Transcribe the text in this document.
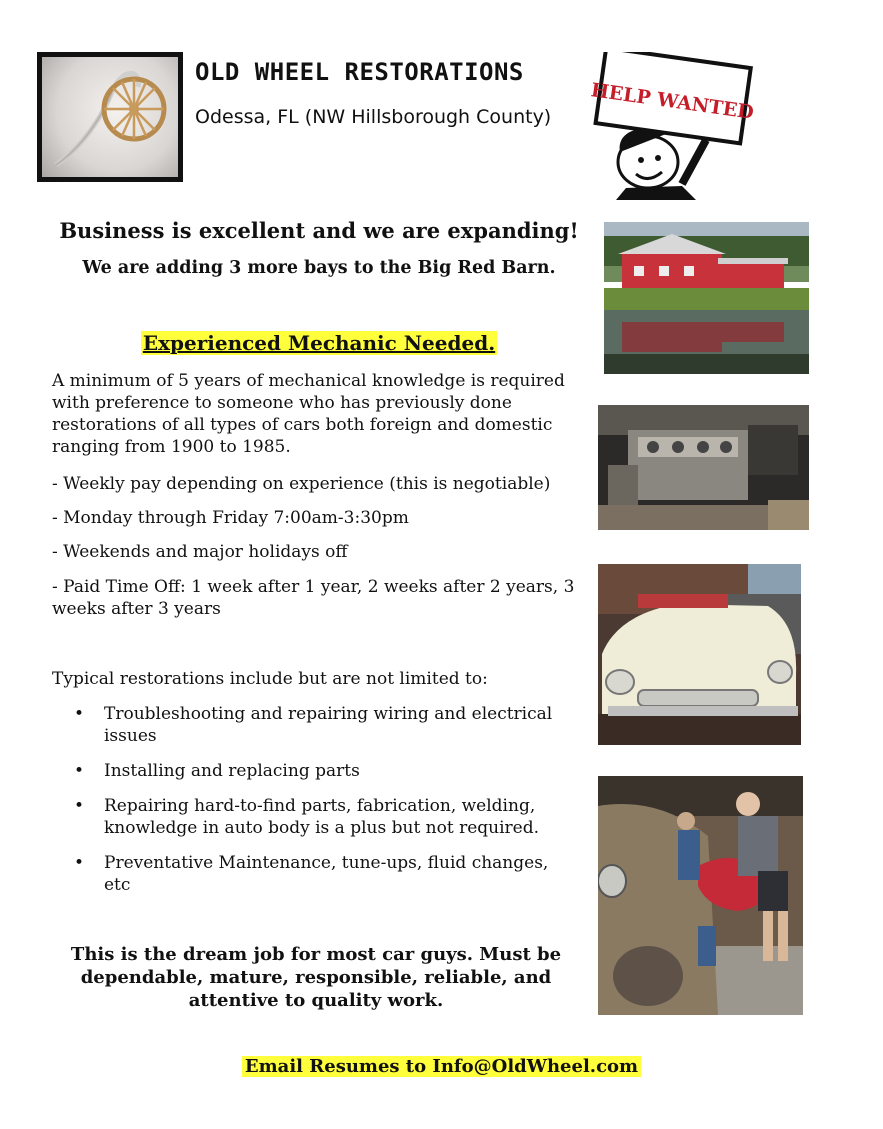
OLD WHEEL RESTORATIONS
Odessa, FL (NW Hillsborough County) HELP WANTED
Business is excellent and we are expanding!
We are adding 3 more bays to the Big Red Barn.
Experienced Mechanic Needed.
A minimum of 5 years of mechanical knowledge is required with preference to someone who has previously done restorations of all types of cars both foreign and domestic ranging from 1900 to 1985.
- Weekly pay depending on experience (this is negotiable)
- Monday through Friday 7:00am-3:30pm
- Weekends and major holidays off
- Paid Time Off: 1 week after 1 year, 2 weeks after 2 years, 3 weeks after 3 years
Typical restorations include but are not limited to:
• Troubleshooting and repairing wiring and electrical issues
• Installing and replacing parts
• Repairing hard-to-find parts, fabrication, welding, knowledge in auto body is a plus but not required.
• Preventative Maintenance, tune-ups, fluid changes, etc
This is the dream job for most car guys. Must be dependable, mature, responsible, reliable, and attentive to quality work.
Email Resumes to Info@OldWheel.com
